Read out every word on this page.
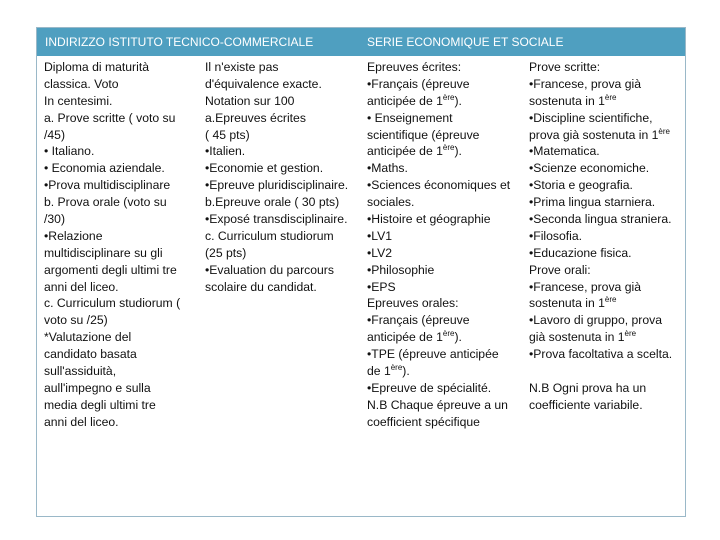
INDIRIZZO ISTITUTO TECNICO-COMMERCIALE	SERIE ECONOMIQUE ET SOCIALE
Diploma di maturità
classica. Voto
In centesimi.
a. Prove scritte ( voto su
/45)
• Italiano.
• Economia aziendale.
•Prova multidisciplinare
b. Prova orale (voto su
/30)
•Relazione
multidisciplinare su gli
argomenti degli ultimi tre
anni del liceo.
c. Curriculum studiorum (
voto su /25)
*Valutazione del
candidato basata
sull'assiduità,
aull'impegno e sulla
media degli ultimi tre
anni del liceo.
Il n'existe pas
d'équivalence exacte.
Notation sur 100
a.Epreuves écrites
( 45 pts)
•Italien.
•Economie et gestion.
•Epreuve pluridisciplinaire.
b.Epreuve orale ( 30 pts)
•Exposé transdisciplinaire.
c. Curriculum studiorum
(25 pts)
•Evaluation du parcours
scolaire du candidat.
Epreuves écrites:
•Français (épreuve
anticipée de 1ère).
• Enseignement
scientifique (épreuve
anticipée de 1ère).
•Maths.
•Sciences économiques et
sociales.
•Histoire et géographie
•LV1
•LV2
•Philosophie
•EPS
Epreuves orales:
•Français (épreuve
anticipée de 1ère).
•TPE (épreuve anticipée
de 1ère).
•Epreuve de spécialité.
N.B Chaque épreuve a un
coefficient spécifique
Prove scritte:
•Francese, prova già
sostenuta in 1ère
•Discipline scientifiche,
prova già sostenuta in 1ère
•Matematica.
•Scienze economiche.
•Storia e geografia.
•Prima lingua starniera.
•Seconda lingua straniera.
•Filosofia.
•Educazione fisica.
Prove orali:
•Francese, prova già
sostenuta in 1ère
•Lavoro di gruppo, prova
già sostenuta in 1ère
•Prova facoltativa a scelta.
N.B Ogni prova ha un
coefficiente variabile.
